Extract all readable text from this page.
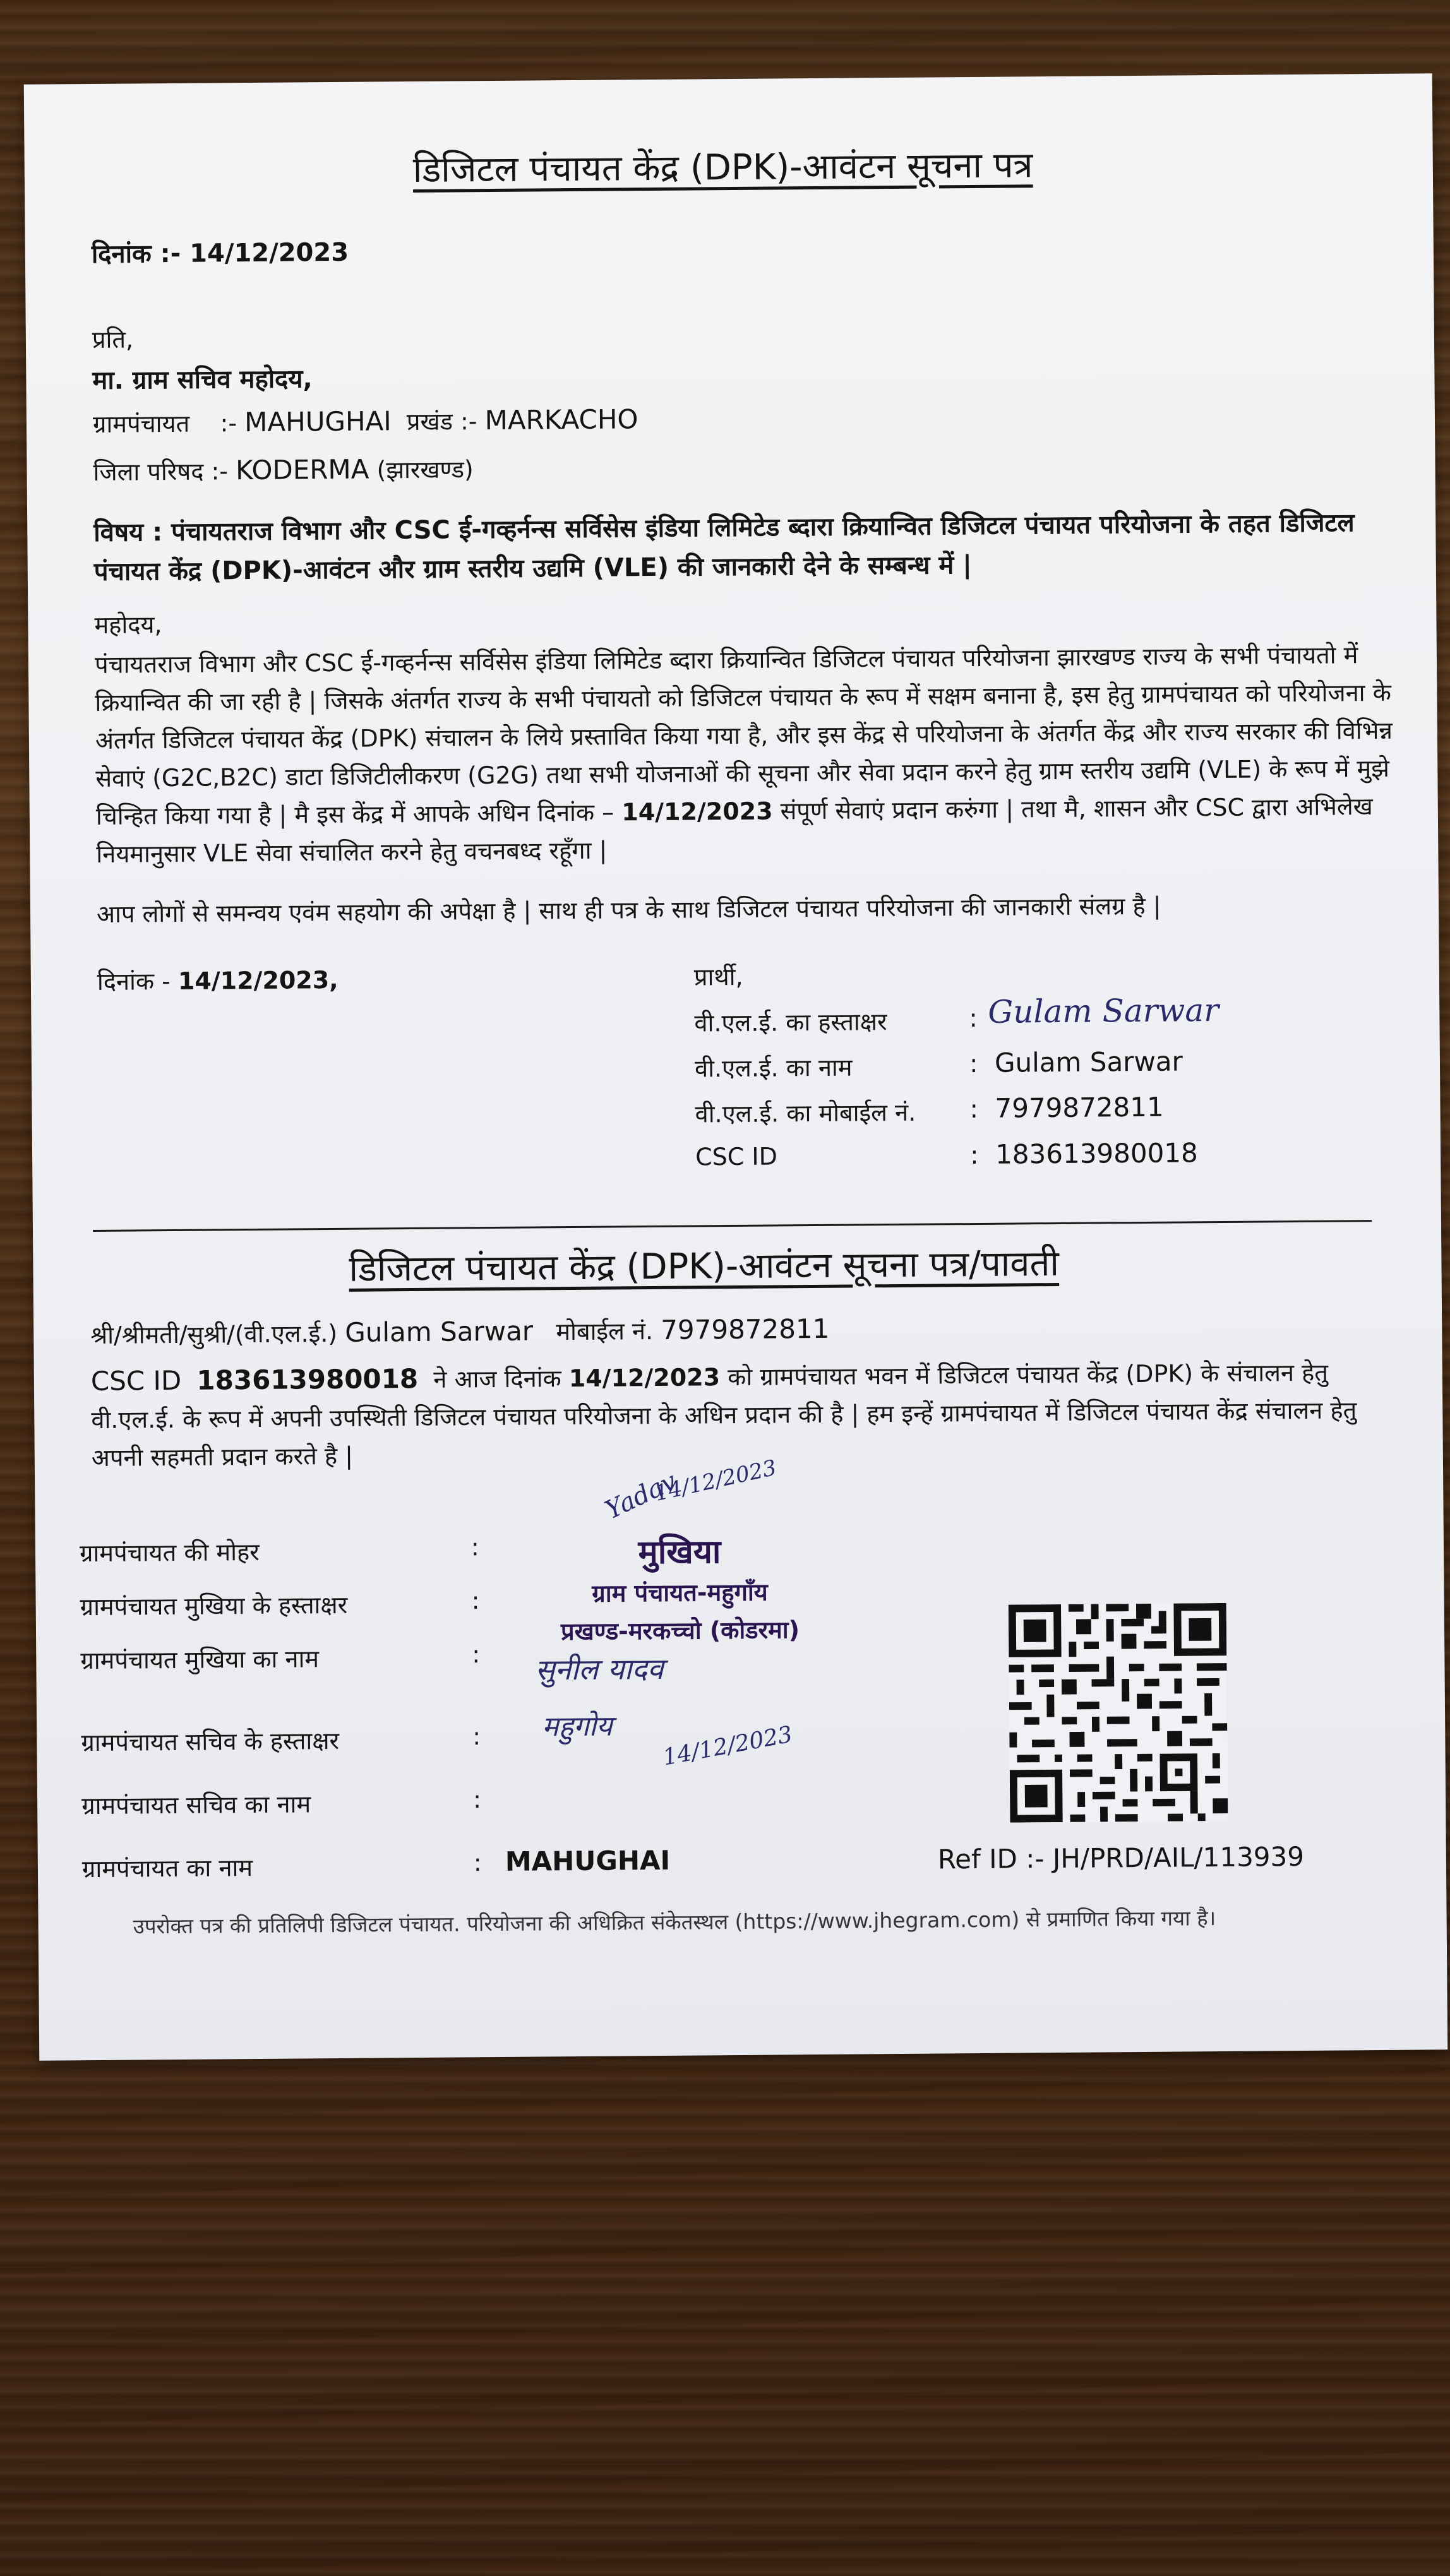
डिजिटल पंचायत केंद्र (DPK)-आवंटन सूचना पत्र
दिनांक :- 14/12/2023
प्रति,
मा. ग्राम सचिव महोदय,
ग्रामपंचायत :- MAHUGHAI प्रखंड :- MARKACHO
जिला परिषद :- KODERMA (झारखण्ड)
विषय : पंचायतराज विभाग और CSC ई-गव्हर्नन्स सर्विसेस इंडिया लिमिटेड ब्दारा क्रियान्वित डिजिटल पंचायत परियोजना के तहत डिजिटल पंचायत केंद्र (DPK)-आवंटन और ग्राम स्तरीय उद्यमि (VLE) की जानकारी देने के सम्बन्ध में |
महोदय,
पंचायतराज विभाग और CSC ई-गव्हर्नन्स सर्विसेस इंडिया लिमिटेड ब्दारा क्रियान्वित डिजिटल पंचायत परियोजना झारखण्ड राज्य के सभी पंचायतो में क्रियान्वित की जा रही है | जिसके अंतर्गत राज्य के सभी पंचायतो को डिजिटल पंचायत के रूप में सक्षम बनाना है, इस हेतु ग्रामपंचायत को परियोजना के अंतर्गत डिजिटल पंचायत केंद्र (DPK) संचालन के लिये प्रस्तावित किया गया है, और इस केंद्र से परियोजना के अंतर्गत केंद्र और राज्य सरकार की विभिन्न सेवाएं (G2C,B2C) डाटा डिजिटीलीकरण (G2G) तथा सभी योजनाओं की सूचना और सेवा प्रदान करने हेतु ग्राम स्तरीय उद्यमि (VLE) के रूप में मुझे चिन्हित किया गया है | मै इस केंद्र में आपके अधिन दिनांक – 14/12/2023 संपूर्ण सेवाएं प्रदान करुंगा | तथा मै, शासन और CSC द्वारा अभिलेख नियमानुसार VLE सेवा संचालित करने हेतु वचनबध्द रहूँगा |
आप लोगों से समन्वय एवंम सहयोग की अपेक्षा है | साथ ही पत्र के साथ डिजिटल पंचायत परियोजना की जानकारी संलग्र है |
दिनांक - 14/12/2023,	प्रार्थी,
वी.एल.ई. का हस्ताक्षर	: Gulam Sarwar
वी.एल.ई. का नाम	: Gulam Sarwar
वी.एल.ई. का मोबाईल नं. : 7979872811
CSC ID	: 183613980018
डिजिटल पंचायत केंद्र (DPK)-आवंटन सूचना पत्र/पावती
श्री/श्रीमती/सुश्री/(वी.एल.ई.) Gulam Sarwar मोबाईल नं. 7979872811
CSC ID 183613980018 ने आज दिनांक 14/12/2023 को ग्रामपंचायत भवन में डिजिटल पंचायत केंद्र (DPK) के संचालन हेतु वी.एल.ई. के रूप में अपनी उपस्थिती डिजिटल पंचायत परियोजना के अधिन प्रदान की है | हम इन्हें ग्रामपंचायत में डिजिटल पंचायत केंद्र संचालन हेतु अपनी सहमती प्रदान करते है |
ग्रामपंचायत की मोहर	:
ग्रामपंचायत मुखिया के हस्ताक्षर	:
ग्रामपंचायत मुखिया का नाम	:
ग्रामपंचायत सचिव के हस्ताक्षर	:
ग्रामपंचायत सचिव का नाम	:
ग्रामपंचायत का नाम	: MAHUGHAI	Ref ID :- JH/PRD/AIL/113939
Yadav
14/12/2023
मुखिया
ग्राम पंचायत-महुगाँय
प्रखण्ड-मरकच्चो (कोडरमा)
सुनील यादव
महुगोय 14/12/2023
उपरोक्त पत्र की प्रतिलिपी डिजिटल पंचायत. परियोजना की अधिक्रित संकेतस्थल (https://www.jhegram.com) से प्रमाणित किया गया है।
